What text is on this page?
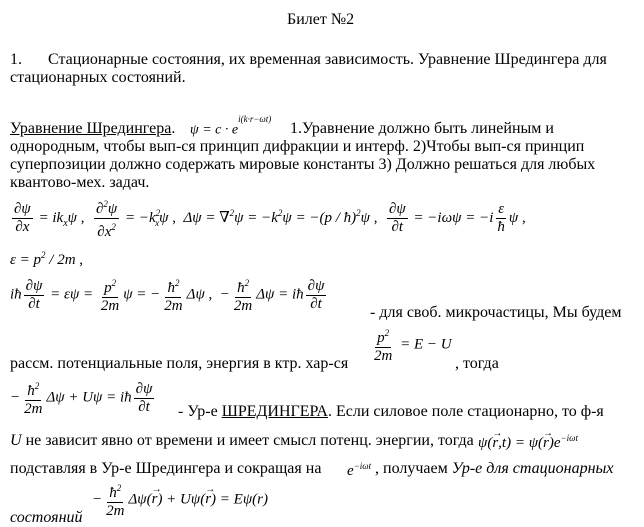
Билет №2
1. Стационарные состояния, их временная зависимость. Уравнение Шредингера для
стационарных состояний.
Уравнение Шредингера. $\psi = c \cdot e^{i(k\cdot r-\omega t)}$
1.Уравнение должно быть линейным и
однородным, чтобы вып-ся принцип дифракции и интерф. 2)Чтобы вып-ся принцип
суперпозиции должно содержать мировые константы 3) Должно решаться для любых
квантово-мех. задач.
$\frac{\partial\psi}{\partial x} = ik_x\psi$ , $\frac{\partial^2\psi}{\partial x^2} = -k^2_x\psi$ ,  $\Delta\psi = \nabla^2\psi = -k^2\psi = -(p$ / ħ)$^2$ψ , $\frac{\partial\psi}{\partial t} = -i\omega\psi = -i \frac{\varepsilon}{ħ}$ ψ ,
$\varepsilon = p^2 / 2m$ ,
iħ $\frac{\partial\psi}{\partial t} = \varepsilon\psi = \frac{p^2}{2m}$ ψ = − $\frac{ħ^2}{2m}$ Δψ ,  − $\frac{ħ^2}{2m}$ Δψ = iħ $\frac{\partial\psi}{\partial t}$	- для своб. микрочастицы, Мы будем
$\frac{p^2}{2m} = E - U$
рассм. потенциальные поля, энергия в ктр. хар-ся	, тогда
− $\frac{ħ^2}{2m}$ Δψ + Uψ = iħ $\frac{\partial\psi}{\partial t} - Ур-е$ ШРЕДИНГЕРА. Если силовое поле стационарно, то ф-я
U не зависит явно от времени и имеет смысл потенц. энергии, тогда $\psi(\to r,t) = \psi(\to r)e^{-i\omega t}$
подставляя в Ур-е Шредингера и сокращая на $e^{-i\omega t}$ , получаем Ур-е для стационарных
состояний
− $\frac{ħ^2}{2m} \Delta\psi(\to r) + U\psi(\to r) = E\psi(r)$
